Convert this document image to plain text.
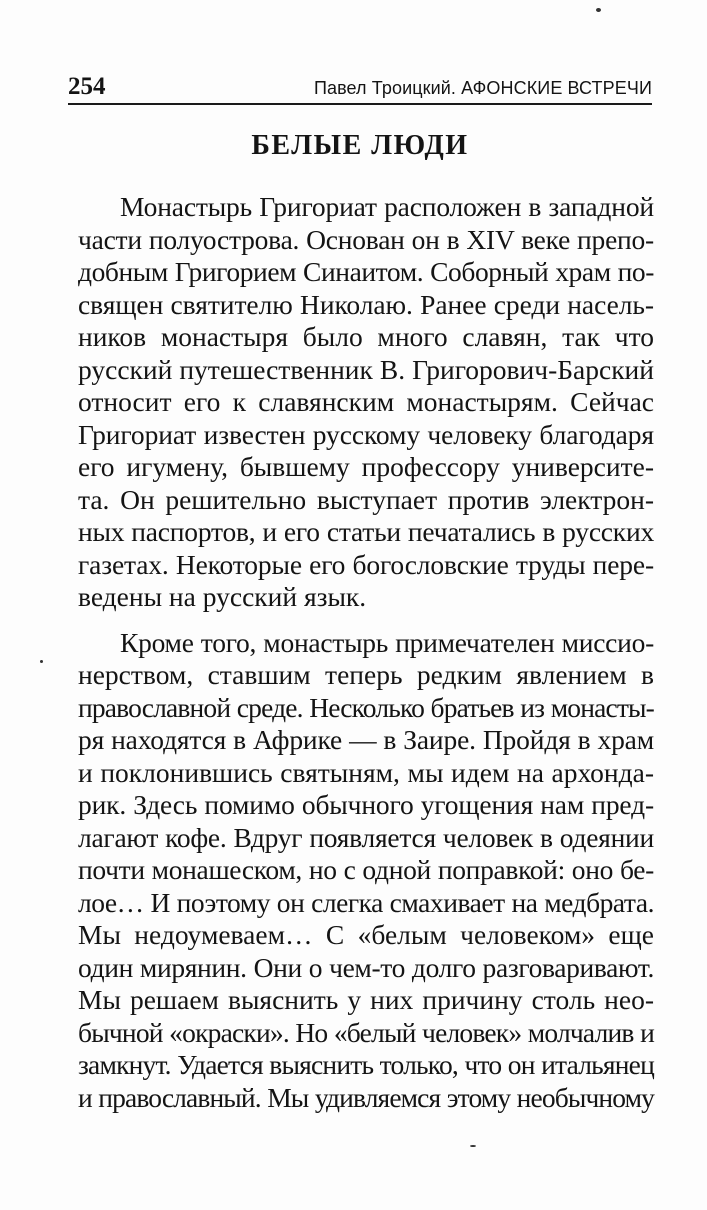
254	Павел Троицкий. АФОНСКИЕ ВСТРЕЧИ
БЕЛЫЕ ЛЮДИ
Монастырь Григориат расположен в западной
части полуострова. Основан он в XIV веке препо-
добным Григорием Синаитом. Соборный храм по-
священ святителю Николаю. Ранее среди насель-
ников монастыря было много славян, так что
русский путешественник В. Григорович-Барский
относит его к славянским монастырям. Сейчас
Григориат известен русскому человеку благодаря
его игумену, бывшему профессору университе-
та. Он решительно выступает против электрон-
ных паспортов, и его статьи печатались в русских
газетах. Некоторые его богословские труды пере-
ведены на русский язык.
Кроме того, монастырь примечателен миссио-
нерством, ставшим теперь редким явлением в
православной среде. Несколько братьев из монасты-
ря находятся в Африке — в Заире. Пройдя в храм
и поклонившись святыням, мы идем на архонда-
рик. Здесь помимо обычного угощения нам пред-
лагают кофе. Вдруг появляется человек в одеянии
почти монашеском, но с одной поправкой: оно бе-
лое… И поэтому он слегка смахивает на медбрата.
Мы недоумеваем… С «белым человеком» еще
один мирянин. Они о чем-то долго разговаривают.
Мы решаем выяснить у них причину столь нео-
бычной «окраски». Но «белый человек» молчалив и
замкнут. Удается выяснить только, что он итальянец
и православный. Мы удивляемся этому необычному
